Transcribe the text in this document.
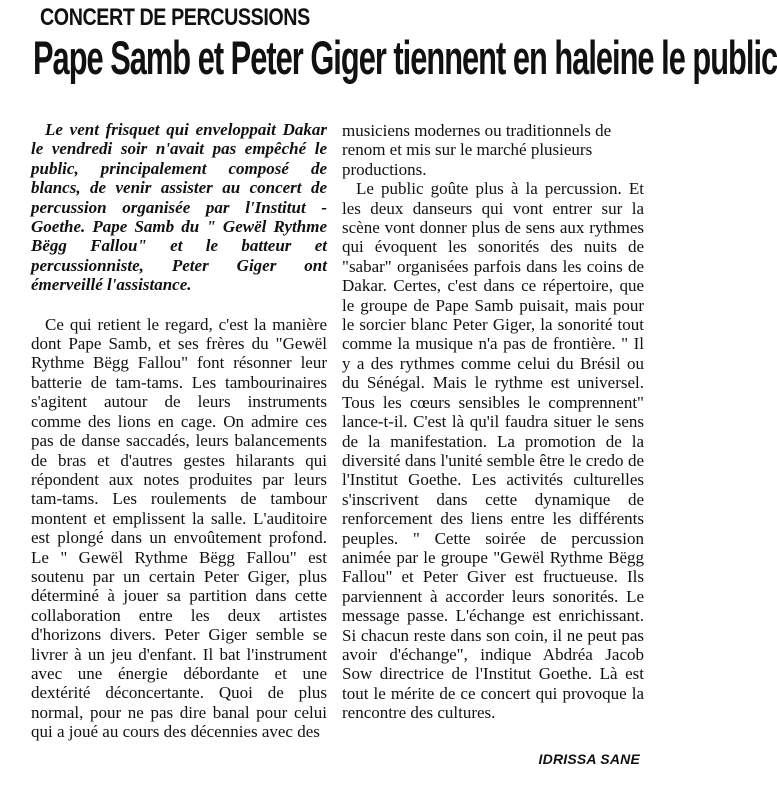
CONCERT DE PERCUSSIONS
Pape Samb et Peter Giger tiennent en haleine le public

Le vent frisquet qui enveloppait Dakar le vendredi soir n'avait pas empêché le public, principalement composé de blancs, de venir assister au concert de percussion organisée par l'Institut -Goethe. Pape Samb du " Gewël Rythme Bëgg Fallou" et le batteur et percussionniste, Peter Giger ont émerveillé l'assistance.

Ce qui retient le regard, c'est la manière dont Pape Samb, et ses frères du "Gewël Rythme Bëgg Fallou" font résonner leur batterie de tam-tams. Les tambourinaires s'agitent autour de leurs instruments comme des lions en cage. On admire ces pas de danse saccadés, leurs balancements de bras et d'autres gestes hilarants qui répondent aux notes produites par leurs tam-tams. Les roulements de tambour montent et emplissent la salle. L'auditoire est plongé dans un envoûtement profond. Le " Gewël Rythme Bëgg Fallou" est soutenu par un certain Peter Giger, plus déterminé à jouer sa partition dans cette collaboration entre les deux artistes d'horizons divers. Peter Giger semble se livrer à un jeu d'enfant. Il bat l'instrument avec une énergie débordante et une dextérité déconcertante. Quoi de plus normal, pour ne pas dire banal pour celui qui a joué au cours des décennies avec des

musiciens modernes ou traditionnels de renom et mis sur le marché plusieurs productions.

Le public goûte plus à la percussion. Et les deux danseurs qui vont entrer sur la scène vont donner plus de sens aux rythmes qui évoquent les sonorités des nuits de "sabar" organisées parfois dans les coins de Dakar. Certes, c'est dans ce répertoire, que le groupe de Pape Samb puisait, mais pour le sorcier blanc Peter Giger, la sonorité tout comme la musique n'a pas de frontière. " Il y a des rythmes comme celui du Brésil ou du Sénégal. Mais le rythme est universel. Tous les cœurs sensibles le comprennent" lance-t-il. C'est là qu'il faudra situer le sens de la manifestation. La promotion de la diversité dans l'unité semble être le credo de l'Institut Goethe. Les activités culturelles s'inscrivent dans cette dynamique de renforcement des liens entre les différents peuples. " Cette soirée de percussion animée par le groupe "Gewël Rythme Bëgg Fallou" et Peter Giver est fructueuse. Ils parviennent à accorder leurs sonorités. Le message passe. L'échange est enrichissant. Si chacun reste dans son coin, il ne peut pas avoir d'échange", indique Abdréa Jacob Sow directrice de l'Institut Goethe. Là est tout le mérite de ce concert qui provoque la rencontre des cultures.

IDRISSA SANE
